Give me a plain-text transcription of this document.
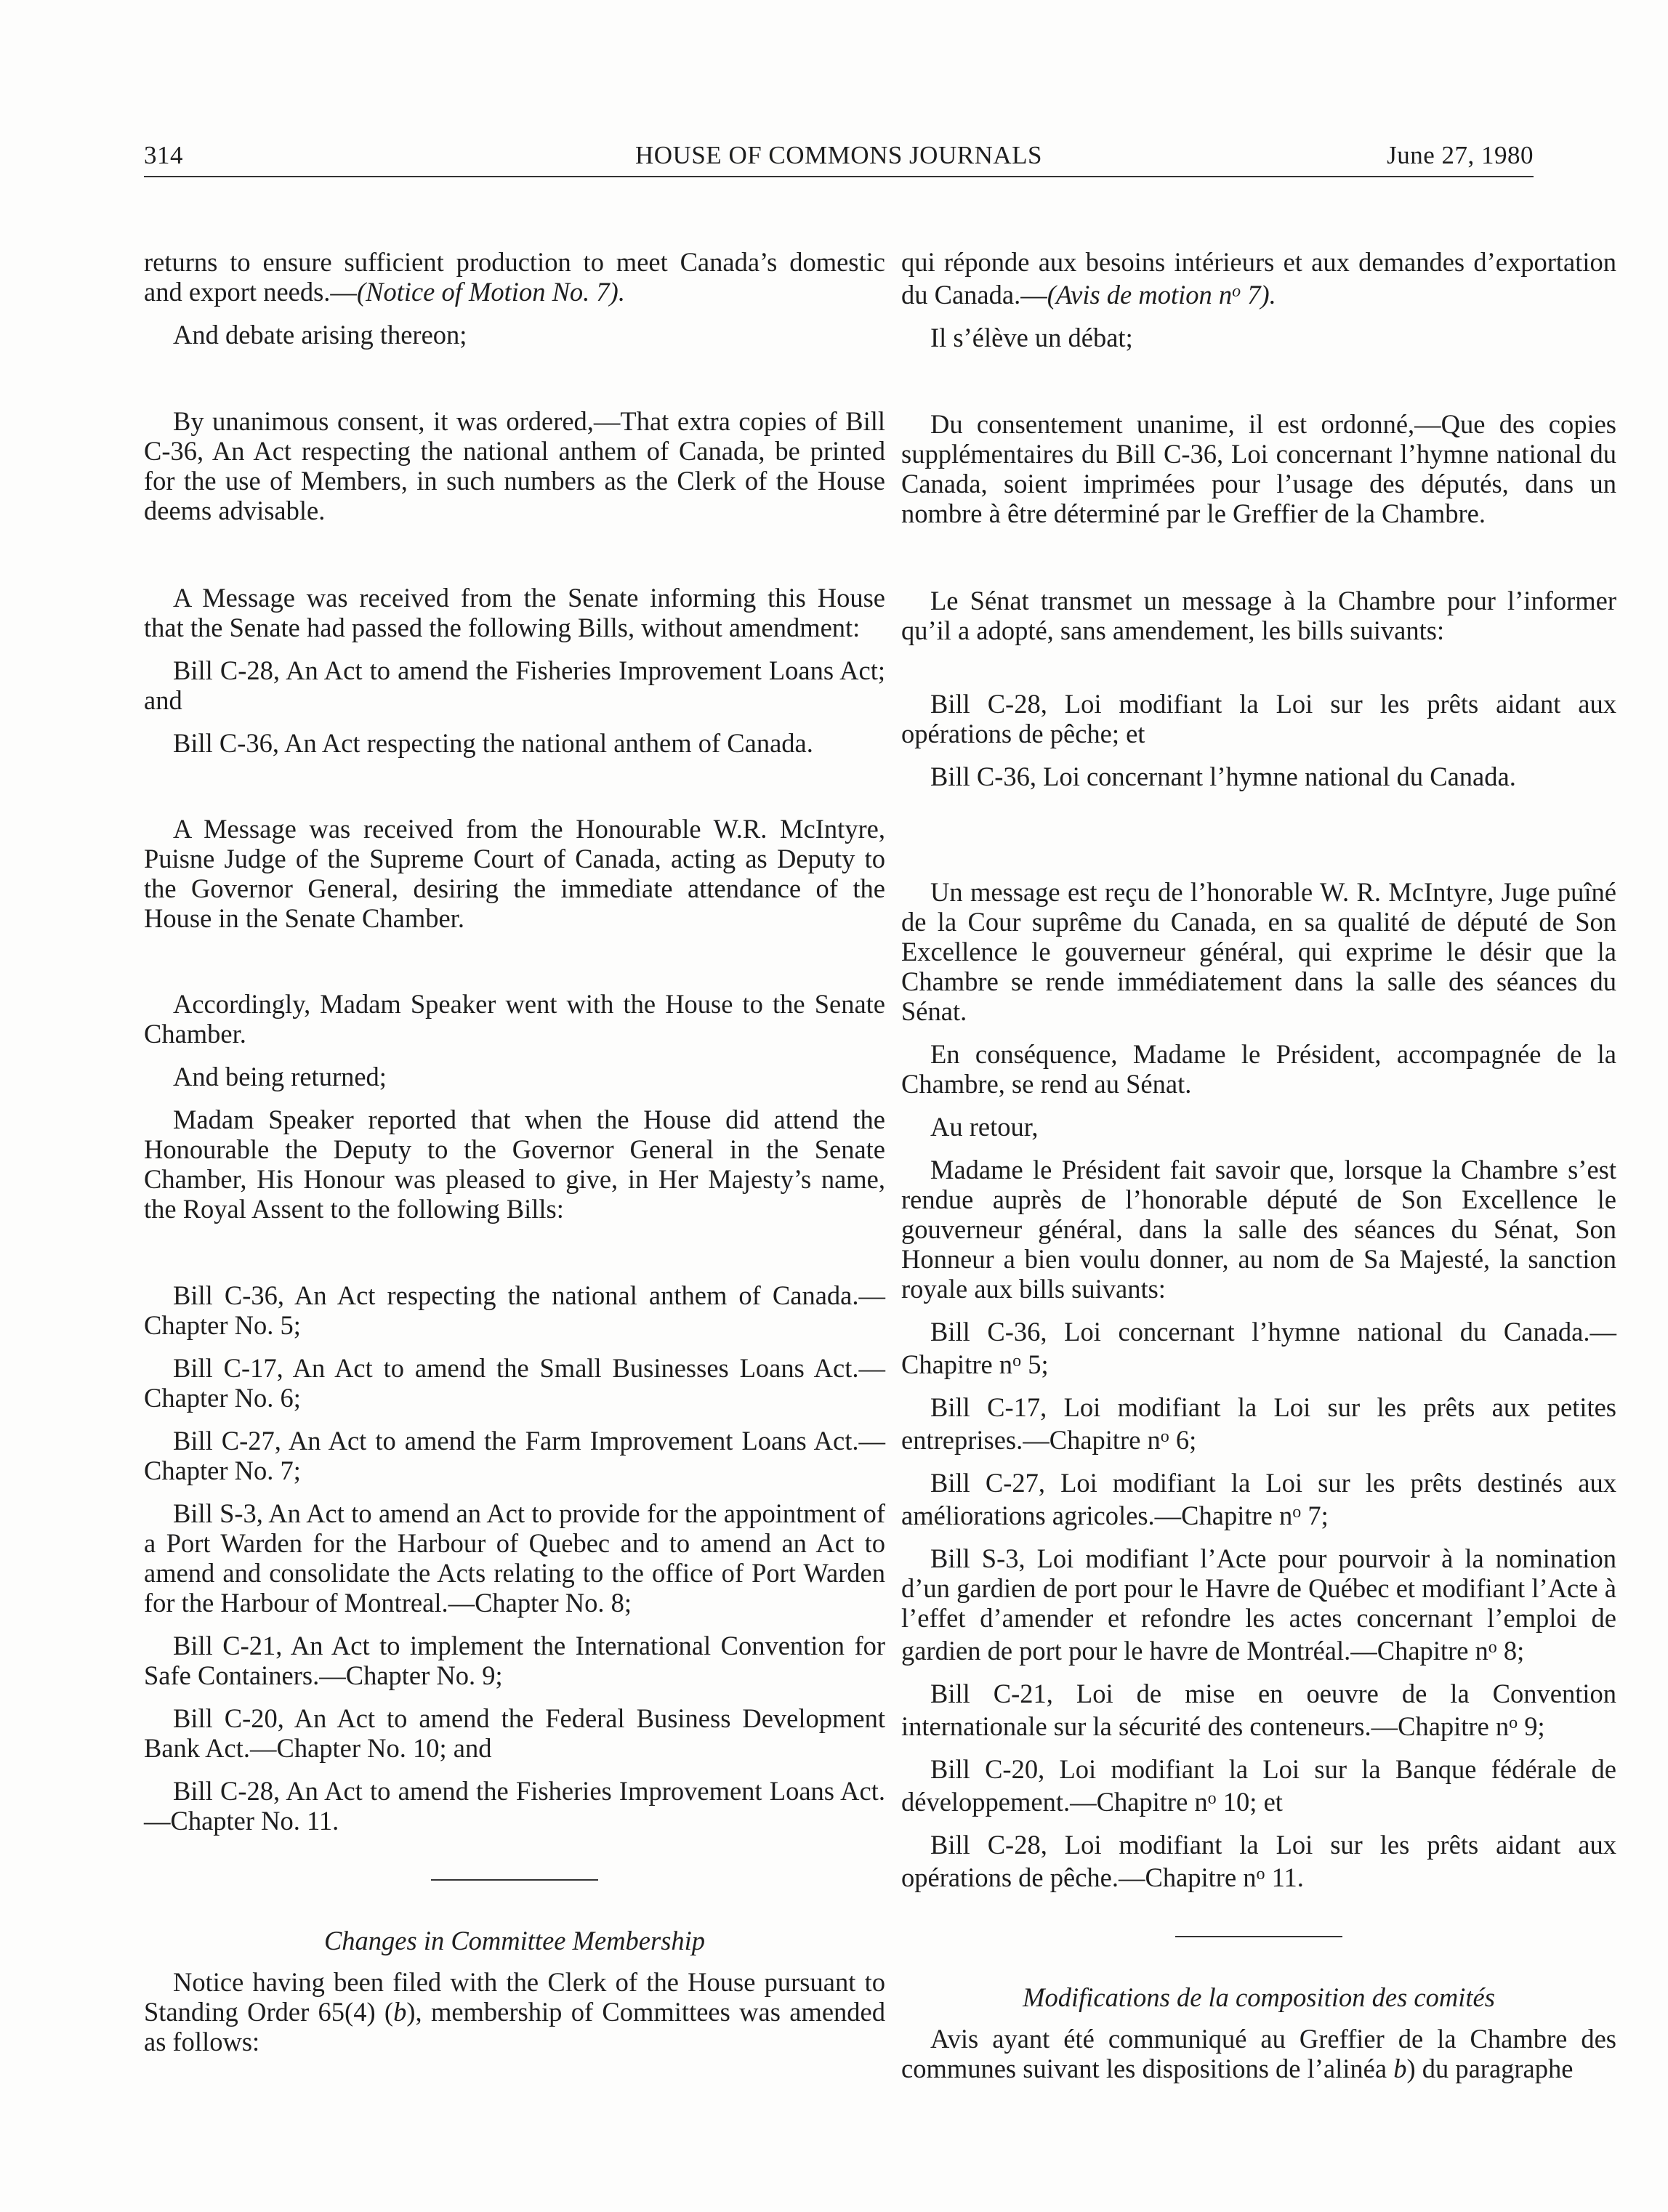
314	HOUSE OF COMMONS JOURNALS	June 27, 1980

returns to ensure sufficient production to meet Canada’s domestic and export needs.—(Notice of Motion No. 7).

And debate arising thereon;

By unanimous consent, it was ordered,—That extra copies of Bill C-36, An Act respecting the national anthem of Canada, be printed for the use of Members, in such numbers as the Clerk of the House deems advisable.

A Message was received from the Senate informing this House that the Senate had passed the following Bills, without amendment:

Bill C-28, An Act to amend the Fisheries Improvement Loans Act; and

Bill C-36, An Act respecting the national anthem of Canada.

A Message was received from the Honourable W.R. McIntyre, Puisne Judge of the Supreme Court of Canada, acting as Deputy to the Governor General, desiring the immediate attendance of the House in the Senate Chamber.

Accordingly, Madam Speaker went with the House to the Senate Chamber.

And being returned;

Madam Speaker reported that when the House did attend the Honourable the Deputy to the Governor General in the Senate Chamber, His Honour was pleased to give, in Her Majesty’s name, the Royal Assent to the following Bills:

Bill C-36, An Act respecting the national anthem of Canada.—Chapter No. 5;

Bill C-17, An Act to amend the Small Businesses Loans Act.—Chapter No. 6;

Bill C-27, An Act to amend the Farm Improvement Loans Act.—Chapter No. 7;

Bill S-3, An Act to amend an Act to provide for the appointment of a Port Warden for the Harbour of Quebec and to amend an Act to amend and consolidate the Acts relating to the office of Port Warden for the Harbour of Montreal.—Chapter No. 8;

Bill C-21, An Act to implement the International Convention for Safe Containers.—Chapter No. 9;

Bill C-20, An Act to amend the Federal Business Development Bank Act.—Chapter No. 10; and

Bill C-28, An Act to amend the Fisheries Improvement Loans Act.—Chapter No. 11.

Changes in Committee Membership

Notice having been filed with the Clerk of the House pursuant to Standing Order 65(4) (b), membership of Committees was amended as follows:

qui réponde aux besoins intérieurs et aux demandes d’exportation du Canada.—(Avis de motion $n^o$ 7).

Il s’élève un débat;

Du consentement unanime, il est ordonné,—Que des copies supplémentaires du Bill C-36, Loi concernant l’hymne national du Canada, soient imprimées pour l’usage des députés, dans un nombre à être déterminé par le Greffier de la Chambre.

Le Sénat transmet un message à la Chambre pour l’informer qu’il a adopté, sans amendement, les bills suivants:

Bill C-28, Loi modifiant la Loi sur les prêts aidant aux opérations de pêche; et

Bill C-36, Loi concernant l’hymne national du Canada.

Un message est reçu de l’honorable W. R. McIntyre, Juge puîné de la Cour suprême du Canada, en sa qualité de député de Son Excellence le gouverneur général, qui exprime le désir que la Chambre se rende immédiatement dans la salle des séances du Sénat.

En conséquence, Madame le Président, accompagnée de la Chambre, se rend au Sénat.

Au retour,

Madame le Président fait savoir que, lorsque la Chambre s’est rendue auprès de l’honorable député de Son Excellence le gouverneur général, dans la salle des séances du Sénat, Son Honneur a bien voulu donner, au nom de Sa Majesté, la sanction royale aux bills suivants:

Bill C-36, Loi concernant l’hymne national du Canada.—Chapitre $n^o$ 5;

Bill C-17, Loi modifiant la Loi sur les prêts aux petites entreprises.—Chapitre $n^o$ 6;

Bill C-27, Loi modifiant la Loi sur les prêts destinés aux améliorations agricoles.—Chapitre $n^o$ 7;

Bill S-3, Loi modifiant l’Acte pour pourvoir à la nomination d’un gardien de port pour le Havre de Québec et modifiant l’Acte à l’effet d’amender et refondre les actes concernant l’emploi de gardien de port pour le havre de Montréal.—Chapitre $n^o$ 8;

Bill C-21, Loi de mise en oeuvre de la Convention internationale sur la sécurité des conteneurs.—Chapitre $n^o$ 9;

Bill C-20, Loi modifiant la Loi sur la Banque fédérale de développement.—Chapitre $n^o$ 10; et

Bill C-28, Loi modifiant la Loi sur les prêts aidant aux opérations de pêche.—Chapitre $n^o$ 11.

Modifications de la composition des comités

Avis ayant été communiqué au Greffier de la Chambre des communes suivant les dispositions de l’alinéa b) du paragraphe
